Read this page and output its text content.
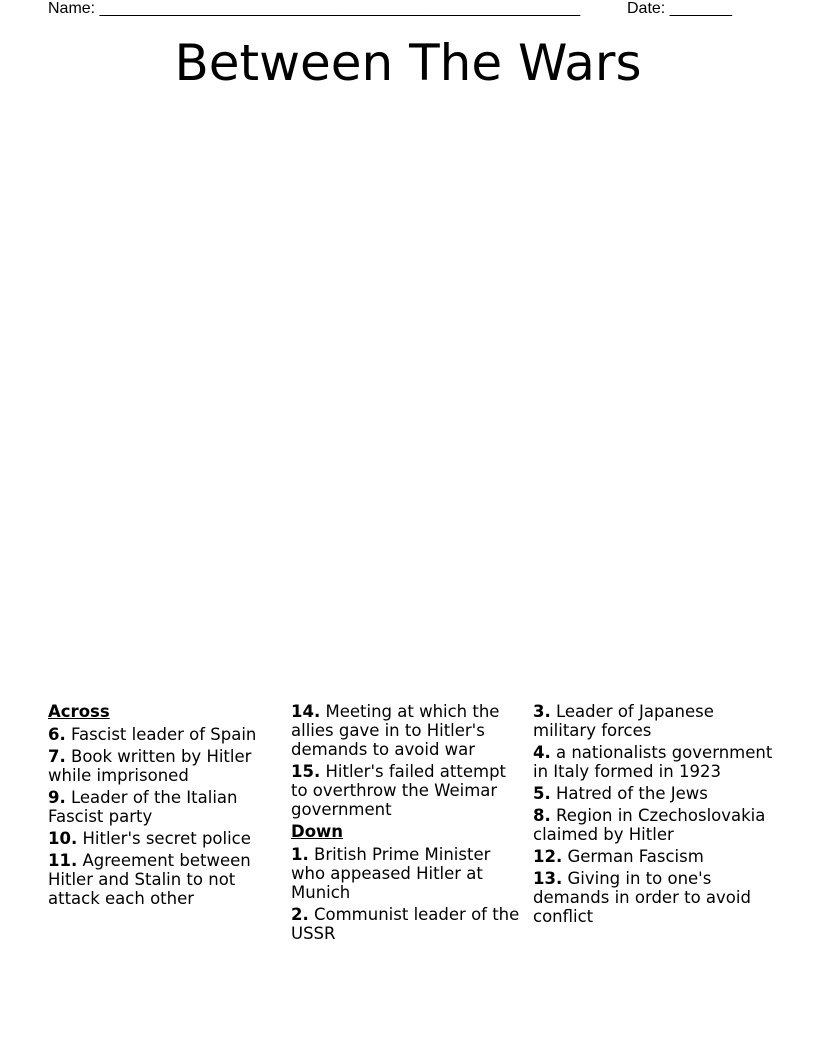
Name: ______________________________________________________	Date: _______
Between The Wars
Across
6. Fascist leader of Spain
7. Book written by Hitler while imprisoned
9. Leader of the Italian Fascist party
10. Hitler's secret police
11. Agreement between Hitler and Stalin to not attack each other
14. Meeting at which the allies gave in to Hitler's demands to avoid war
15. Hitler's failed attempt to overthrow the Weimar government
Down
1. British Prime Minister who appeased Hitler at Munich
2. Communist leader of the USSR
3. Leader of Japanese military forces
4. a nationalists government in Italy formed in 1923
5. Hatred of the Jews
8. Region in Czechoslovakia claimed by Hitler
12. German Fascism
13. Giving in to one's demands in order to avoid conflict
